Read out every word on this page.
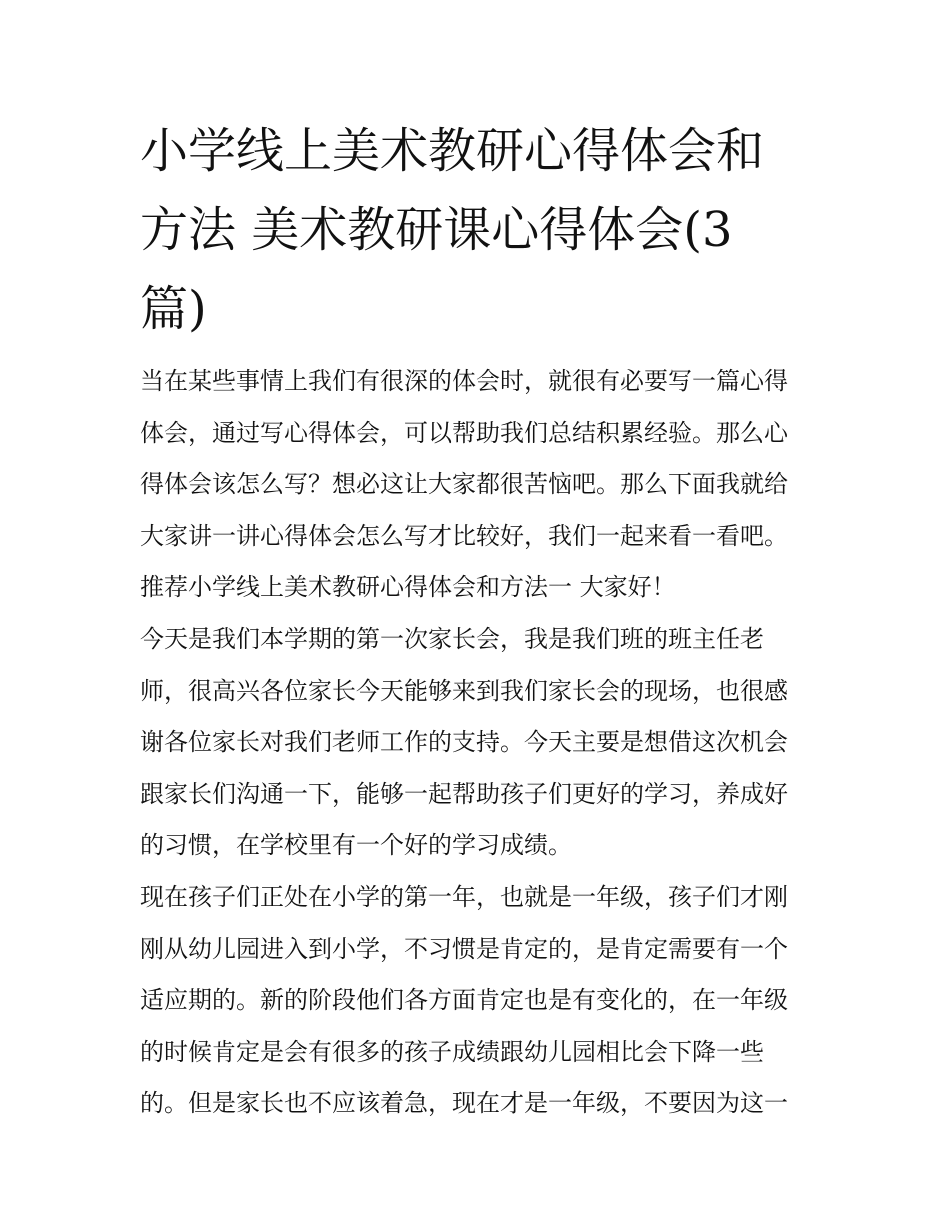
小学线上美术教研心得体会和
方法 美术教研课心得体会(3
篇)
当在某些事情上我们有很深的体会时，就很有必要写一篇心得
体会，通过写心得体会，可以帮助我们总结积累经验。那么心
得体会该怎么写？想必这让大家都很苦恼吧。那么下面我就给
大家讲一讲心得体会怎么写才比较好，我们一起来看一看吧。
推荐小学线上美术教研心得体会和方法一 大家好！
今天是我们本学期的第一次家长会，我是我们班的班主任老
师，很高兴各位家长今天能够来到我们家长会的现场，也很感
谢各位家长对我们老师工作的支持。今天主要是想借这次机会
跟家长们沟通一下，能够一起帮助孩子们更好的学习，养成好
的习惯，在学校里有一个好的学习成绩。
现在孩子们正处在小学的第一年，也就是一年级，孩子们才刚
刚从幼儿园进入到小学，不习惯是肯定的，是肯定需要有一个
适应期的。新的阶段他们各方面肯定也是有变化的，在一年级
的时候肯定是会有很多的孩子成绩跟幼儿园相比会下降一些
的。但是家长也不应该着急，现在才是一年级，不要因为这一
